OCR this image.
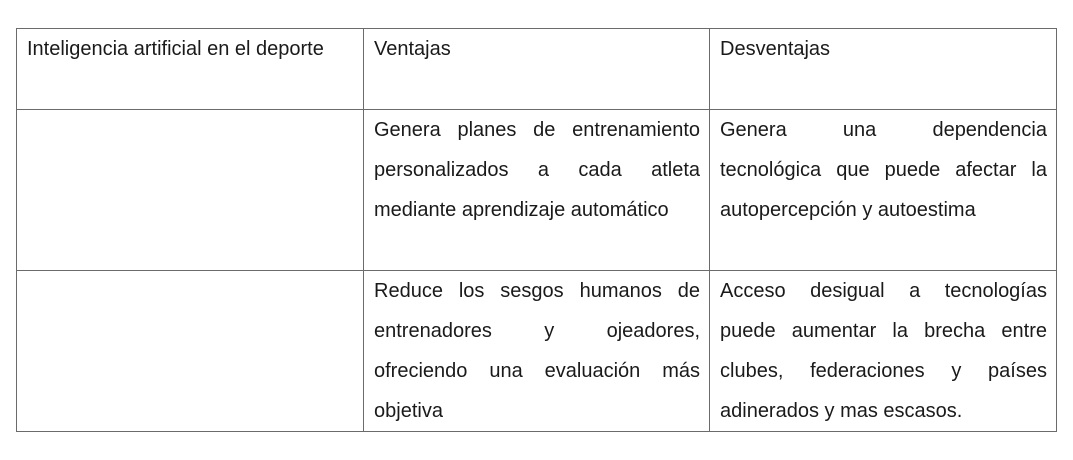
Inteligencia artificial en el deporte	Ventajas	Desventajas
	Genera planes de entrenamiento personalizados a cada atleta mediante aprendizaje automático	Genera una dependencia tecnológica que puede afectar la autopercepción y autoestima
	Reduce los sesgos humanos de entrenadores y ojeadores, ofreciendo una evaluación más objetiva	Acceso desigual a tecnologías puede aumentar la brecha entre clubes, federaciones y países adinerados y mas escasos.
